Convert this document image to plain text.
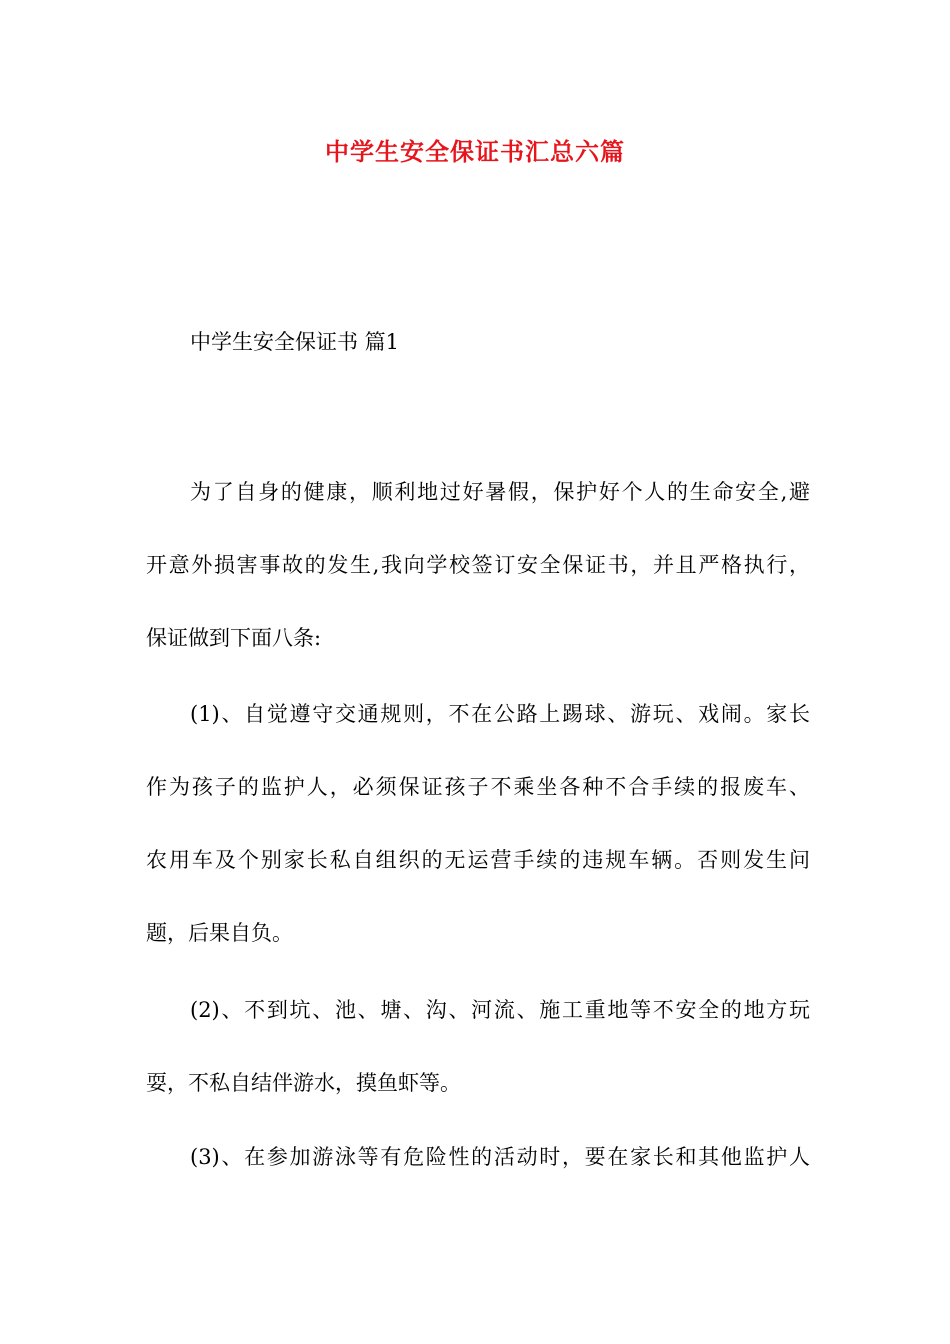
中学生安全保证书汇总六篇
中学生安全保证书 篇1
为了自身的健康，顺利地过好暑假，保护好个人的生命安全,避
开意外损害事故的发生,我向学校签订安全保证书，并且严格执行，
保证做到下面八条:
(1)、自觉遵守交通规则，不在公路上踢球、游玩、戏闹。家长
作为孩子的监护人，必须保证孩子不乘坐各种不合手续的报废车、
农用车及个别家长私自组织的无运营手续的违规车辆。否则发生问
题，后果自负。
(2)、不到坑、池、塘、沟、河流、施工重地等不安全的地方玩
耍，不私自结伴游水，摸鱼虾等。
(3)、在参加游泳等有危险性的活动时，要在家长和其他监护人
